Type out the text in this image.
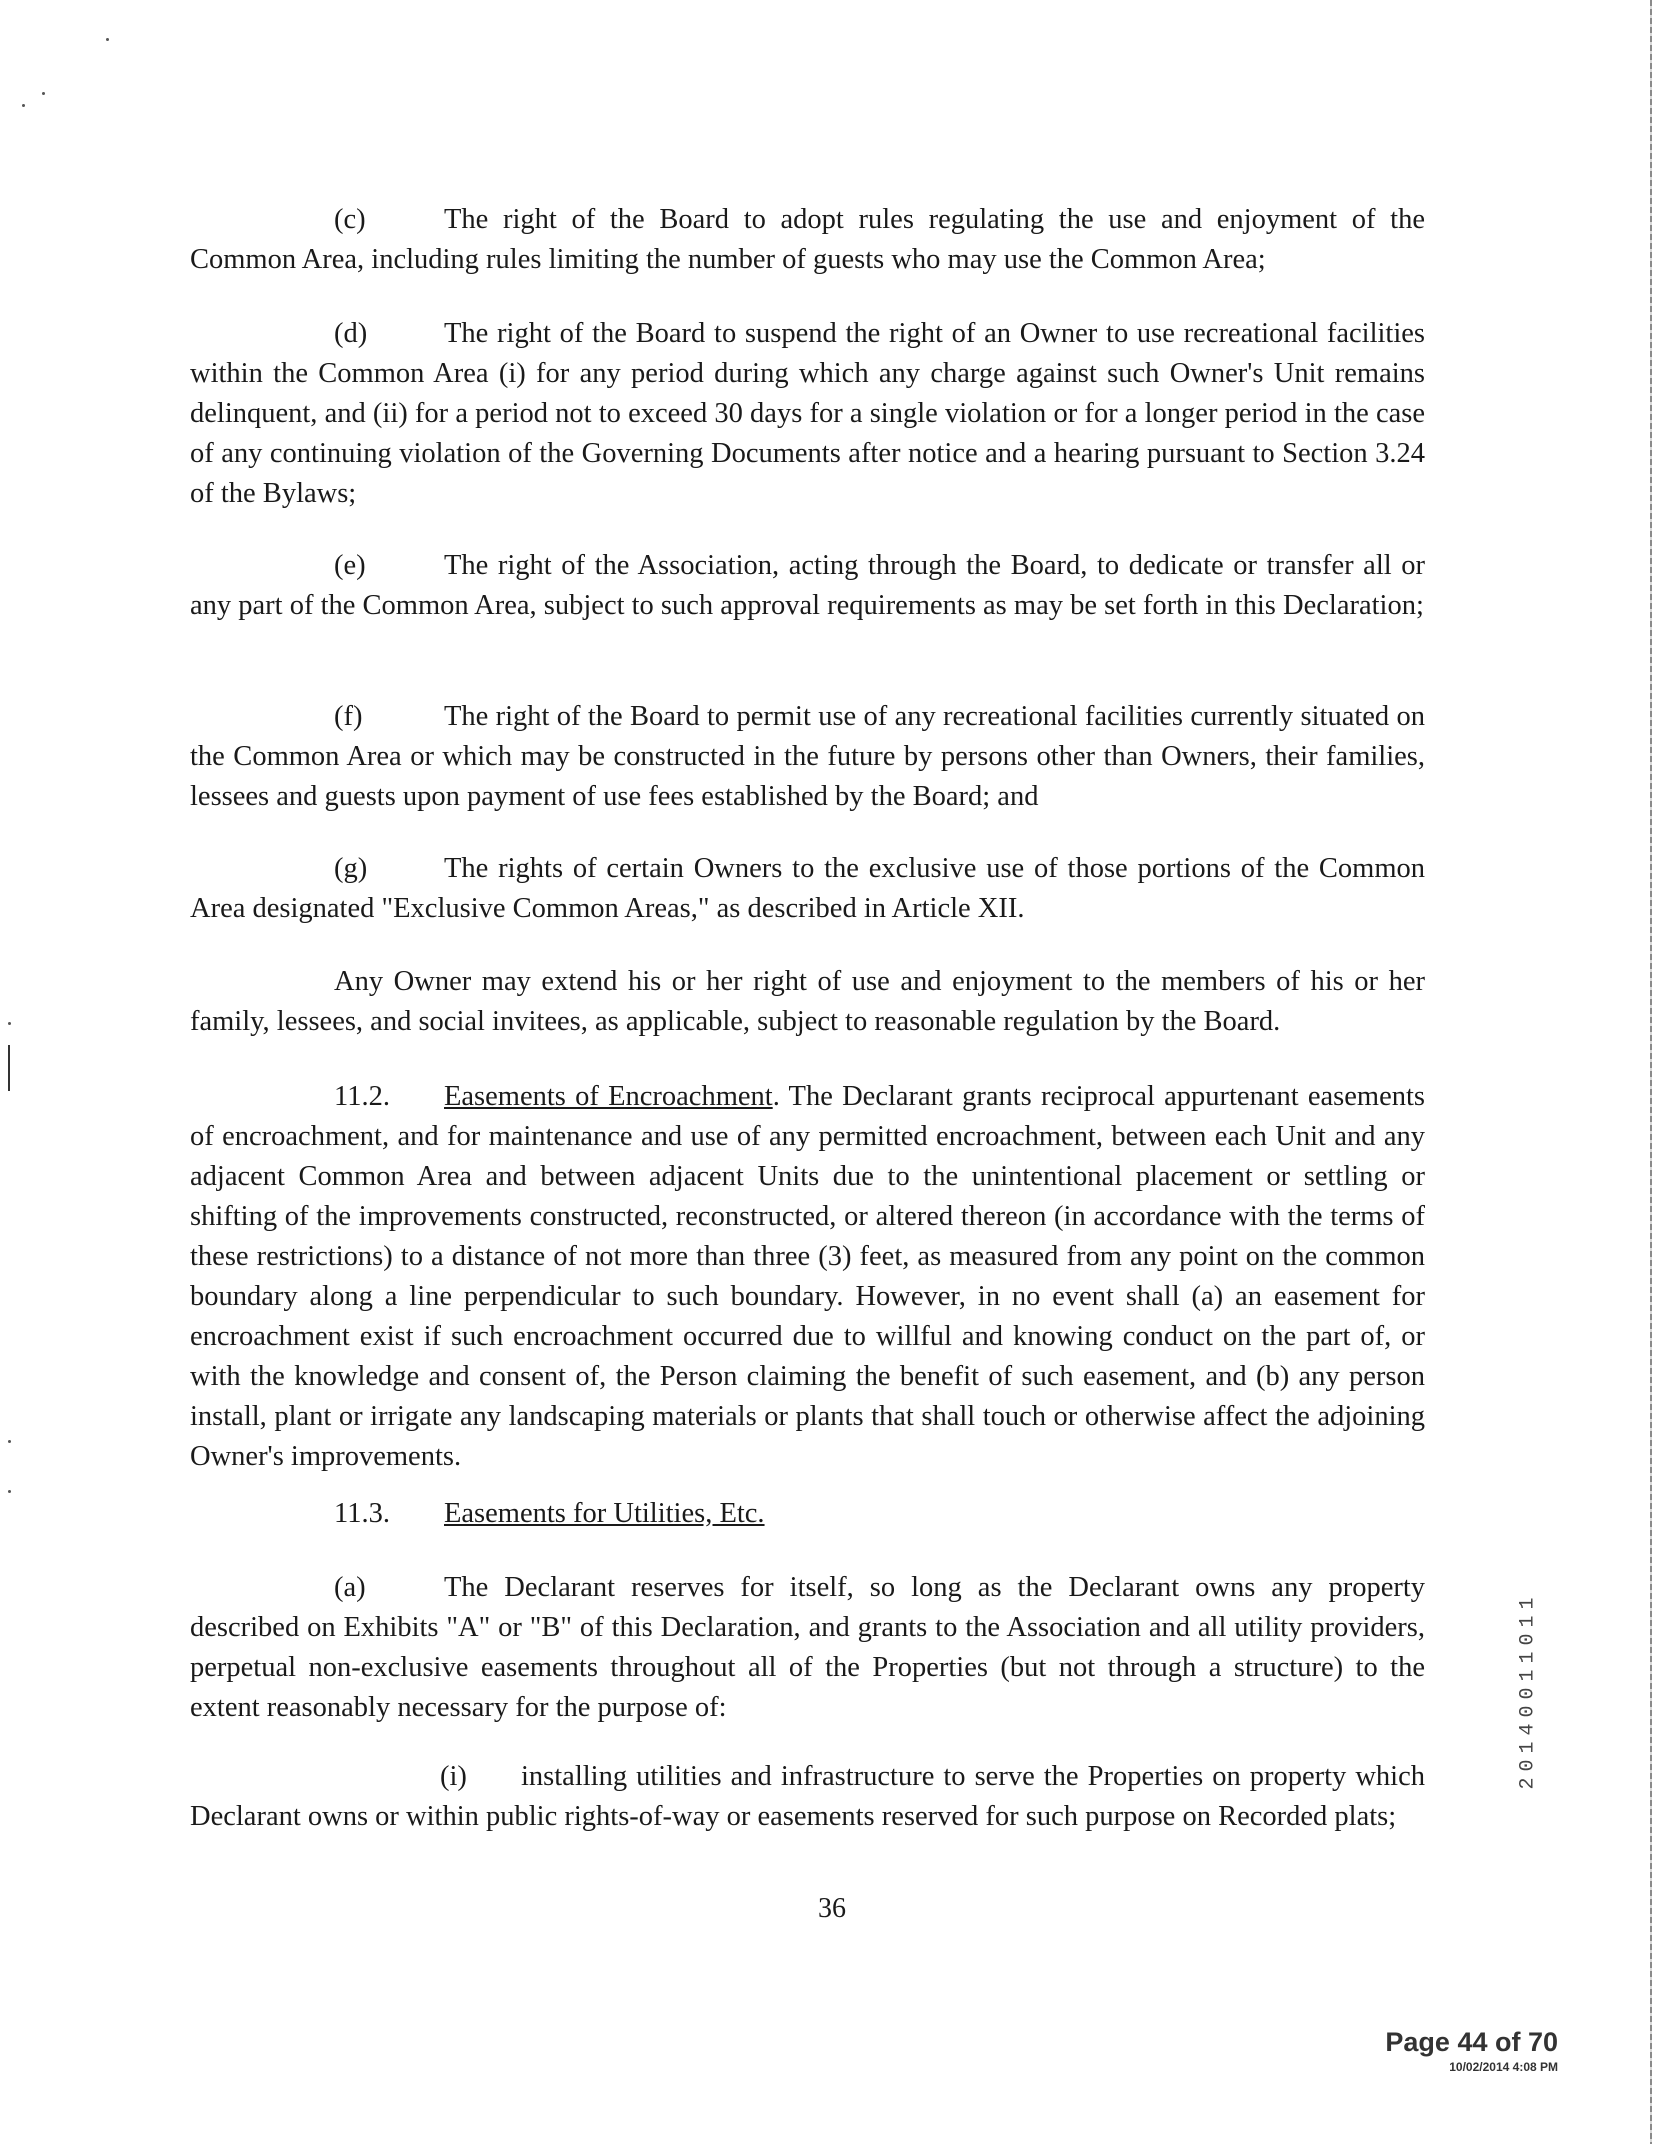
(c)	The right of the Board to adopt rules regulating the use and enjoyment of the Common Area, including rules limiting the number of guests who may use the Common Area;

(d)	The right of the Board to suspend the right of an Owner to use recreational facilities within the Common Area (i) for any period during which any charge against such Owner's Unit remains delinquent, and (ii) for a period not to exceed 30 days for a single violation or for a longer period in the case of any continuing violation of the Governing Documents after notice and a hearing pursuant to Section 3.24 of the Bylaws;

(e)	The right of the Association, acting through the Board, to dedicate or transfer all or any part of the Common Area, subject to such approval requirements as may be set forth in this Declaration;

(f)	The right of the Board to permit use of any recreational facilities currently situated on the Common Area or which may be constructed in the future by persons other than Owners, their families, lessees and guests upon payment of use fees established by the Board; and

(g)	The rights of certain Owners to the exclusive use of those portions of the Common Area designated "Exclusive Common Areas," as described in Article XII.

Any Owner may extend his or her right of use and enjoyment to the members of his or her family, lessees, and social invitees, as applicable, subject to reasonable regulation by the Board.

11.2. Easements of Encroachment. The Declarant grants reciprocal appurtenant easements of encroachment, and for maintenance and use of any permitted encroachment, between each Unit and any adjacent Common Area and between adjacent Units due to the unintentional placement or settling or shifting of the improvements constructed, reconstructed, or altered thereon (in accordance with the terms of these restrictions) to a distance of not more than three (3) feet, as measured from any point on the common boundary along a line perpendicular to such boundary. However, in no event shall (a) an easement for encroachment exist if such encroachment occurred due to willful and knowing conduct on the part of, or with the knowledge and consent of, the Person claiming the benefit of such easement, and (b) any person install, plant or irrigate any landscaping materials or plants that shall touch or otherwise affect the adjoining Owner's improvements.

11.3. Easements for Utilities, Etc.

(a)	The Declarant reserves for itself, so long as the Declarant owns any property described on Exhibits "A" or "B" of this Declaration, and grants to the Association and all utility providers, perpetual non-exclusive easements throughout all of the Properties (but not through a structure) to the extent reasonably necessary for the purpose of:

(i) installing utilities and infrastructure to serve the Properties on property which Declarant owns or within public rights-of-way or easements reserved for such purpose on Recorded plats;

36
20140011011
Page 44 of 70
10/02/2014 4:08 PM
